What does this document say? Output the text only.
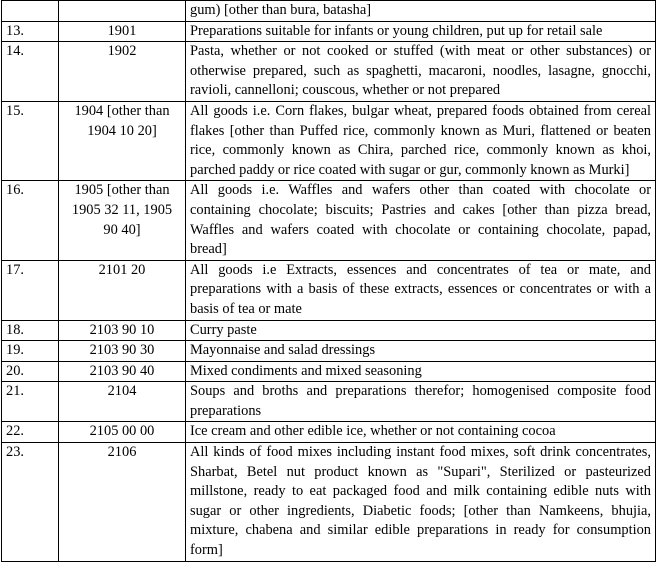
		gum) [other than bura, batasha]
13.	1901	Preparations suitable for infants or young children, put up for retail sale
14.	1902	Pasta, whether or not cooked or stuffed (with meat or other substances) or otherwise prepared, such as spaghetti, macaroni, noodles, lasagne, gnocchi, ravioli, cannelloni; couscous, whether or not prepared
15.	1904 [other than 1904 10 20]	All goods i.e. Corn flakes, bulgar wheat, prepared foods obtained from cereal flakes [other than Puffed rice, commonly known as Muri, flattened or beaten rice, commonly known as Chira, parched rice, commonly known as khoi, parched paddy or rice coated with sugar or gur, commonly known as Murki]
16.	1905 [other than 1905 32 11, 1905 90 40]	All goods i.e. Waffles and wafers other than coated with chocolate or containing chocolate; biscuits; Pastries and cakes [other than pizza bread, Waffles and wafers coated with chocolate or containing chocolate, papad, bread]
17.	2101 20	All goods i.e Extracts, essences and concentrates of tea or mate, and preparations with a basis of these extracts, essences or concentrates or with a basis of tea or mate
18.	2103 90 10	Curry paste
19.	2103 90 30	Mayonnaise and salad dressings
20.	2103 90 40	Mixed condiments and mixed seasoning
21.	2104	Soups and broths and preparations therefor; homogenised composite food preparations
22.	2105 00 00	Ice cream and other edible ice, whether or not containing cocoa
23.	2106	All kinds of food mixes including instant food mixes, soft drink concentrates, Sharbat, Betel nut product known as "Supari", Sterilized or pasteurized millstone, ready to eat packaged food and milk containing edible nuts with sugar or other ingredients, Diabetic foods; [other than Namkeens, bhujia, mixture, chabena and similar edible preparations in ready for consumption form]
